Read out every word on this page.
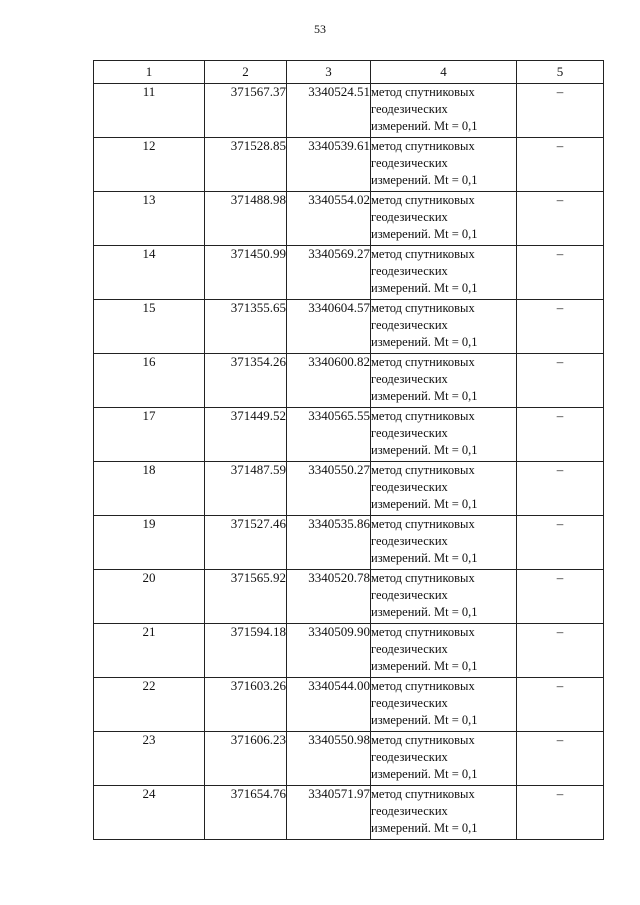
53
1	2	3	4	5
11	371567.37	3340524.51	метод спутниковых
геодезических
измерений. Mt = 0,1	–
12	371528.85	3340539.61	метод спутниковых
геодезических
измерений. Mt = 0,1	–
13	371488.98	3340554.02	метод спутниковых
геодезических
измерений. Mt = 0,1	–
14	371450.99	3340569.27	метод спутниковых
геодезических
измерений. Mt = 0,1	–
15	371355.65	3340604.57	метод спутниковых
геодезических
измерений. Mt = 0,1	–
16	371354.26	3340600.82	метод спутниковых
геодезических
измерений. Mt = 0,1	–
17	371449.52	3340565.55	метод спутниковых
геодезических
измерений. Mt = 0,1	–
18	371487.59	3340550.27	метод спутниковых
геодезических
измерений. Mt = 0,1	–
19	371527.46	3340535.86	метод спутниковых
геодезических
измерений. Mt = 0,1	–
20	371565.92	3340520.78	метод спутниковых
геодезических
измерений. Mt = 0,1	–
21	371594.18	3340509.90	метод спутниковых
геодезических
измерений. Mt = 0,1	–
22	371603.26	3340544.00	метод спутниковых
геодезических
измерений. Mt = 0,1	–
23	371606.23	3340550.98	метод спутниковых
геодезических
измерений. Mt = 0,1	–
24	371654.76	3340571.97	метод спутниковых
геодезических
измерений. Mt = 0,1	–
